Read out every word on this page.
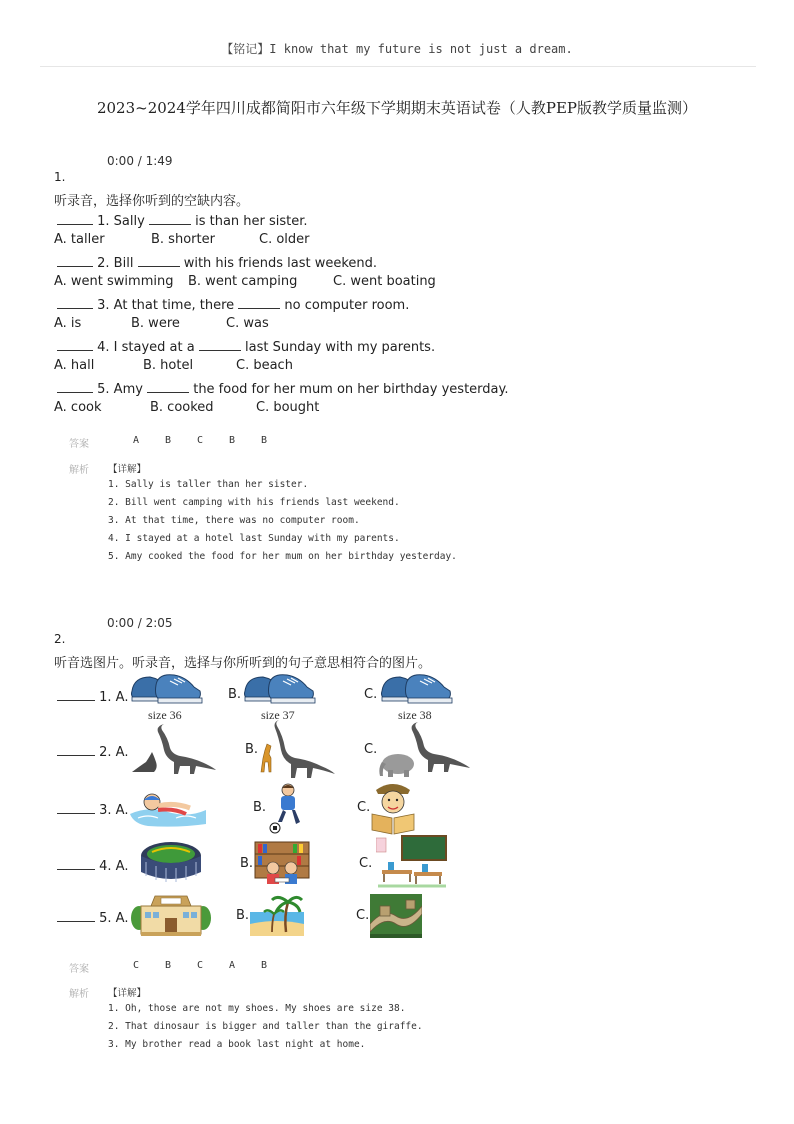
【铭记】I know that my future is not just a dream.
2023~2024学年四川成都简阳市六年级下学期期末英语试卷（人教PEP版教学质量监测）
0:00 / 1:49
1.
听录音，选择你听到的空缺内容。
1. Sally	is than her sister.
A. taller	B. shorter	C. older
2. Bill	with his friends last weekend.
A. went swimming B. went camping	C. went boating
3. At that time, there	no computer room.
A. is	B. were	C. was
4. I stayed at a	last Sunday with my parents.
A. hall	B. hotel	C. beach
5. Amy	the food for her mum on her birthday yesterday.
A. cook	B. cooked	C. bought
答案	A	B	C	B	B
解析 【详解】
1. Sally is taller than her sister.
2. Bill went camping with his friends last weekend.
3. At that time, there was no computer room.
4. I stayed at a hotel last Sunday with my parents.
5. Amy cooked the food for her mum on her birthday yesterday.
0:00 / 2:05
2.
听音选图片。听录音，选择与你所听到的句子意思相符合的图片。
1. A.
size 36
B.
size 37
C.
size 38
2. A.	B.	C.
3. A.	B.	C.
4. A.	B.	C.
5. A.	B.	C.
答案	C	B	C	A	B
解析 【详解】
1. Oh, those are not my shoes. My shoes are size 38.
2. That dinosaur is bigger and taller than the giraffe.
3. My brother read a book last night at home.
